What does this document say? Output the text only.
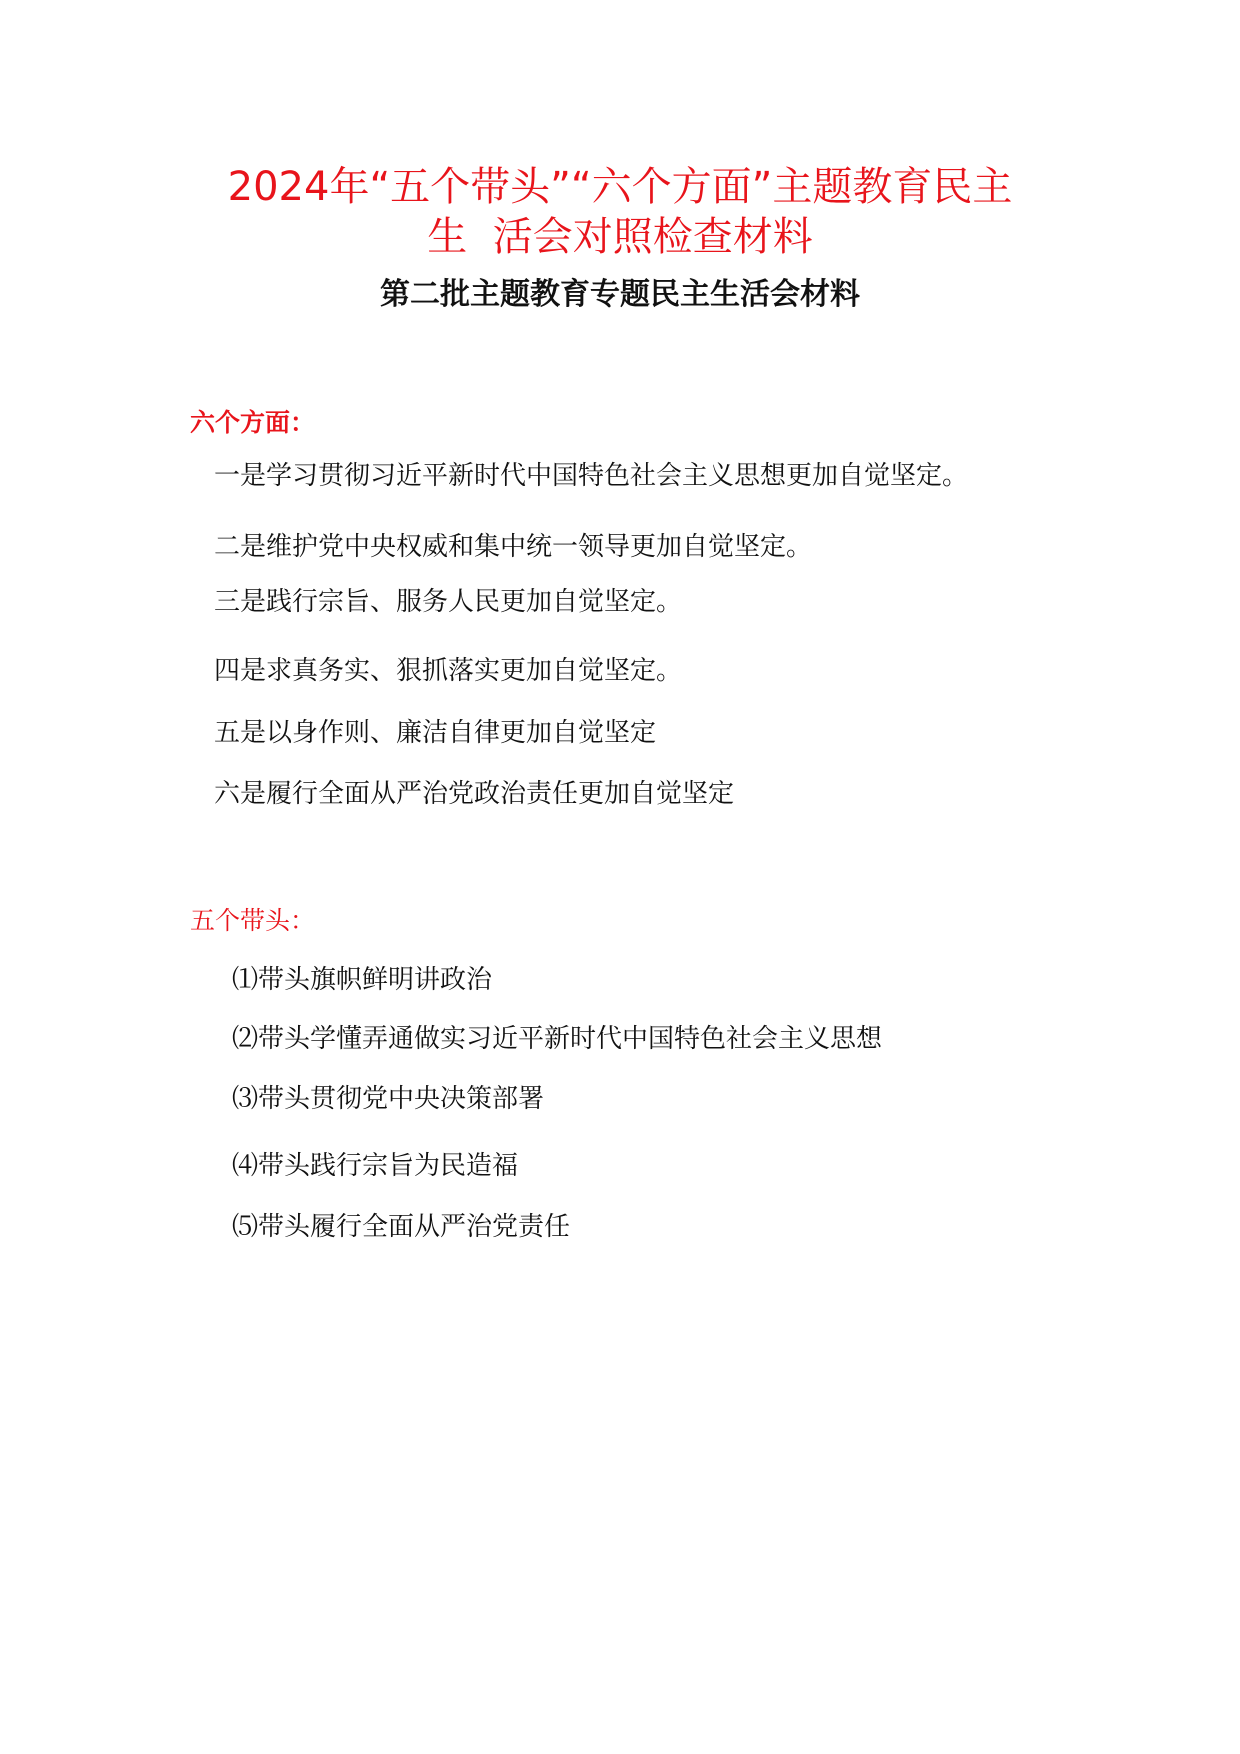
2024年“五个带头”“六个方面”主题教育民主
生  活会对照检查材料
第二批主题教育专题民主生活会材料
六个方面：
一是学习贯彻习近平新时代中国特色社会主义思想更加自觉坚定。
二是维护党中央权威和集中统一领导更加自觉坚定。
三是践行宗旨、服务人民更加自觉坚定。
四是求真务实、狠抓落实更加自觉坚定。
五是以身作则、廉洁自律更加自觉坚定
六是履行全面从严治党政治责任更加自觉坚定
五个带头：
⑴带头旗帜鲜明讲政治
⑵带头学懂弄通做实习近平新时代中国特色社会主义思想
⑶带头贯彻党中央决策部署
⑷带头践行宗旨为民造福
⑸带头履行全面从严治党责任
